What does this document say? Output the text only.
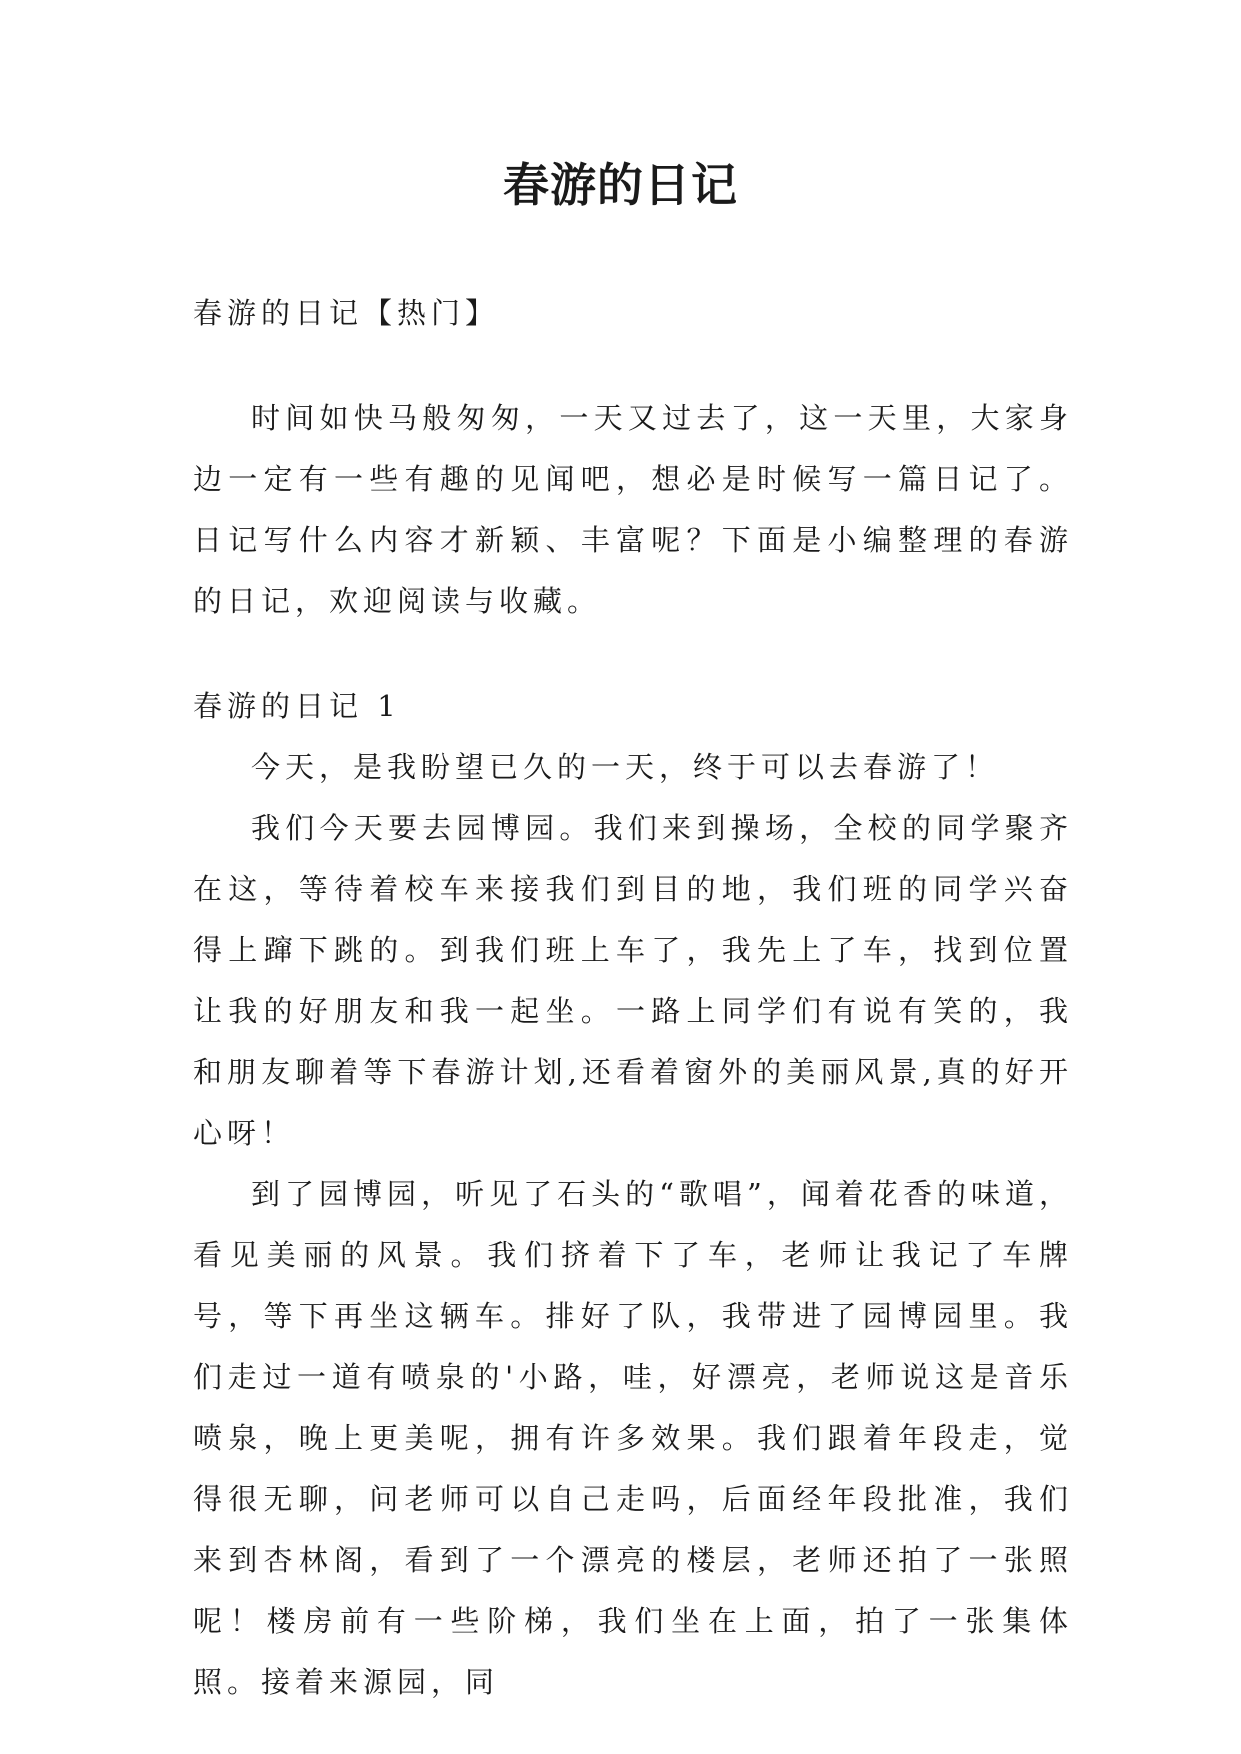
春游的日记

春游的日记【热门】

时间如快马般匆匆，一天又过去了，这一天里，大家身边一定有一些有趣的见闻吧，想必是时候写一篇日记了。日记写什么内容才新颖、丰富呢？下面是小编整理的春游的日记，欢迎阅读与收藏。

春游的日记 1

今天，是我盼望已久的一天，终于可以去春游了！

我们今天要去园博园。我们来到操场，全校的同学聚齐在这，等待着校车来接我们到目的地，我们班的同学兴奋得上蹿下跳的。到我们班上车了，我先上了车，找到位置让我的好朋友和我一起坐。一路上同学们有说有笑的，我和朋友聊着等下春游计划,还看着窗外的美丽风景,真的好开心呀！

到了园博园，听见了石头的“歌唱”，闻着花香的味道，看见美丽的风景。我们挤着下了车，老师让我记了车牌号，等下再坐这辆车。排好了队，我带进了园博园里。我们走过一道有喷泉的'小路，哇，好漂亮，老师说这是音乐喷泉，晚上更美呢，拥有许多效果。我们跟着年段走，觉得很无聊，问老师可以自己走吗，后面经年段批准，我们来到杏林阁，看到了一个漂亮的楼层，老师还拍了一张照呢！楼房前有一些阶梯，我们坐在上面，拍了一张集体照。接着来源园，同
